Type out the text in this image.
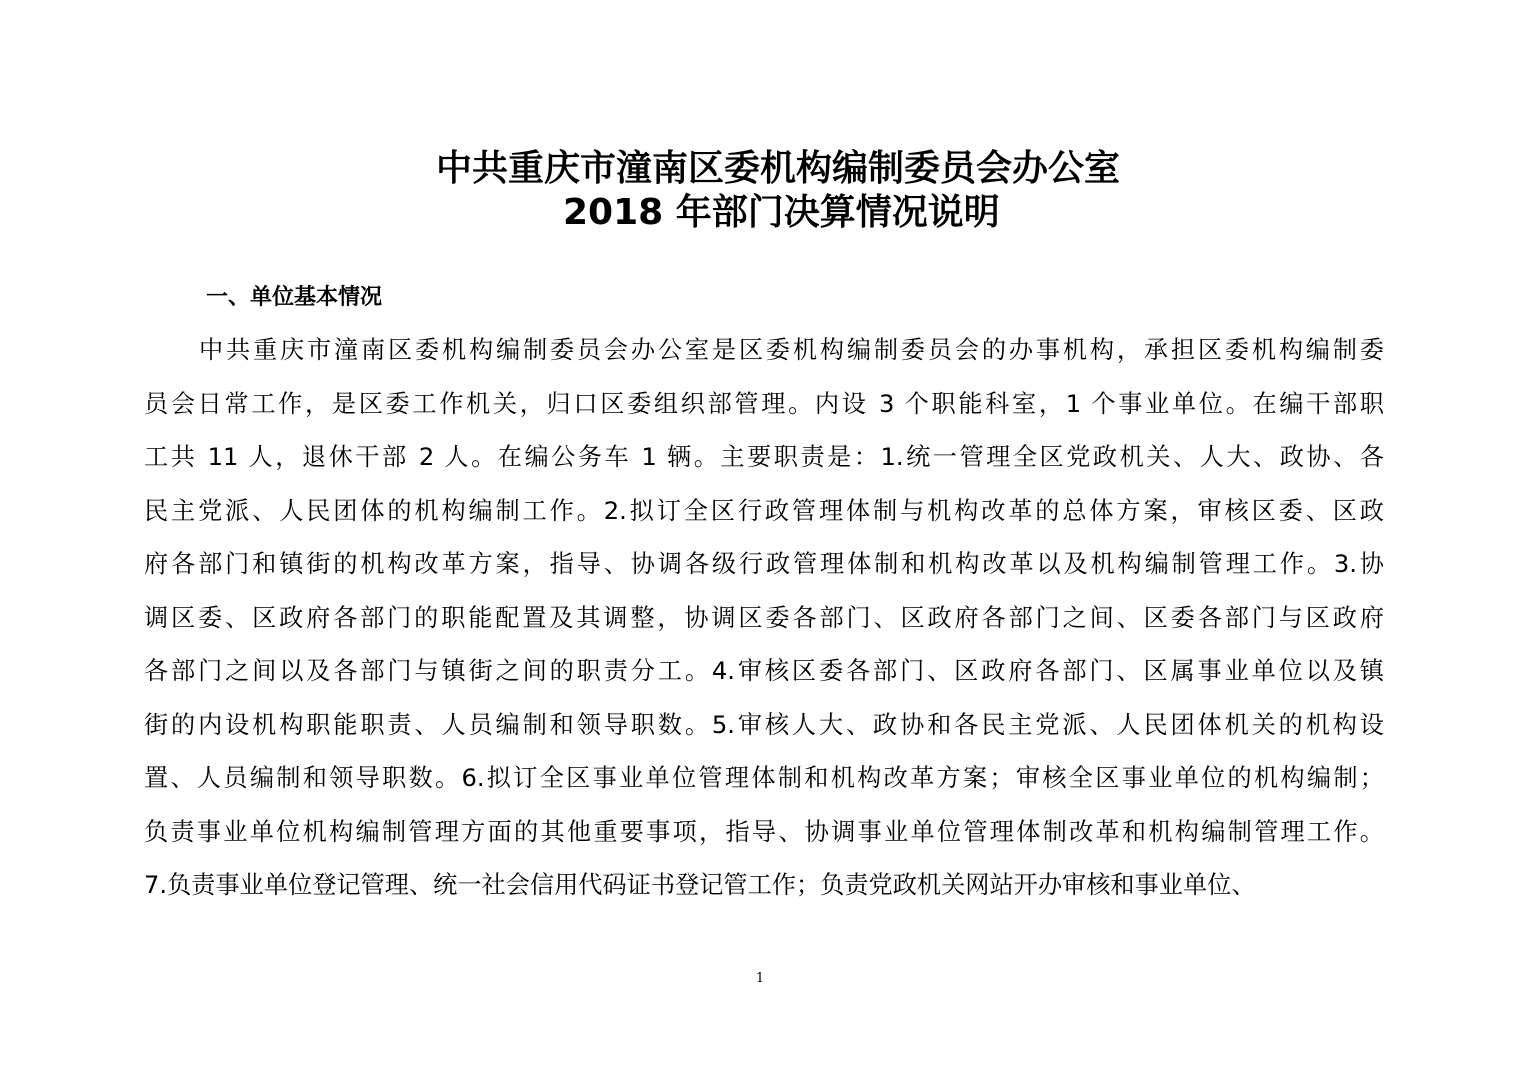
中共重庆市潼南区委机构编制委员会办公室
2018 年部门决算情况说明
一、单位基本情况
中共重庆市潼南区委机构编制委员会办公室是区委机构编制委员会的办事机构，承担区委机构编制委
员会日常工作，是区委工作机关，归口区委组织部管理。内设 3 个职能科室，1 个事业单位。在编干部职
工共 11 人，退休干部 2 人。在编公务车 1 辆。主要职责是：1.统一管理全区党政机关、人大、政协、各
民主党派、人民团体的机构编制工作。2.拟订全区行政管理体制与机构改革的总体方案，审核区委、区政
府各部门和镇街的机构改革方案，指导、协调各级行政管理体制和机构改革以及机构编制管理工作。3.协
调区委、区政府各部门的职能配置及其调整，协调区委各部门、区政府各部门之间、区委各部门与区政府
各部门之间以及各部门与镇街之间的职责分工。4.审核区委各部门、区政府各部门、区属事业单位以及镇
街的内设机构职能职责、人员编制和领导职数。5.审核人大、政协和各民主党派、人民团体机关的机构设
置、人员编制和领导职数。6.拟订全区事业单位管理体制和机构改革方案；审核全区事业单位的机构编制；
负责事业单位机构编制管理方面的其他重要事项，指导、协调事业单位管理体制改革和机构编制管理工作。
7.负责事业单位登记管理、统一社会信用代码证书登记管工作；负责党政机关网站开办审核和事业单位、
1
